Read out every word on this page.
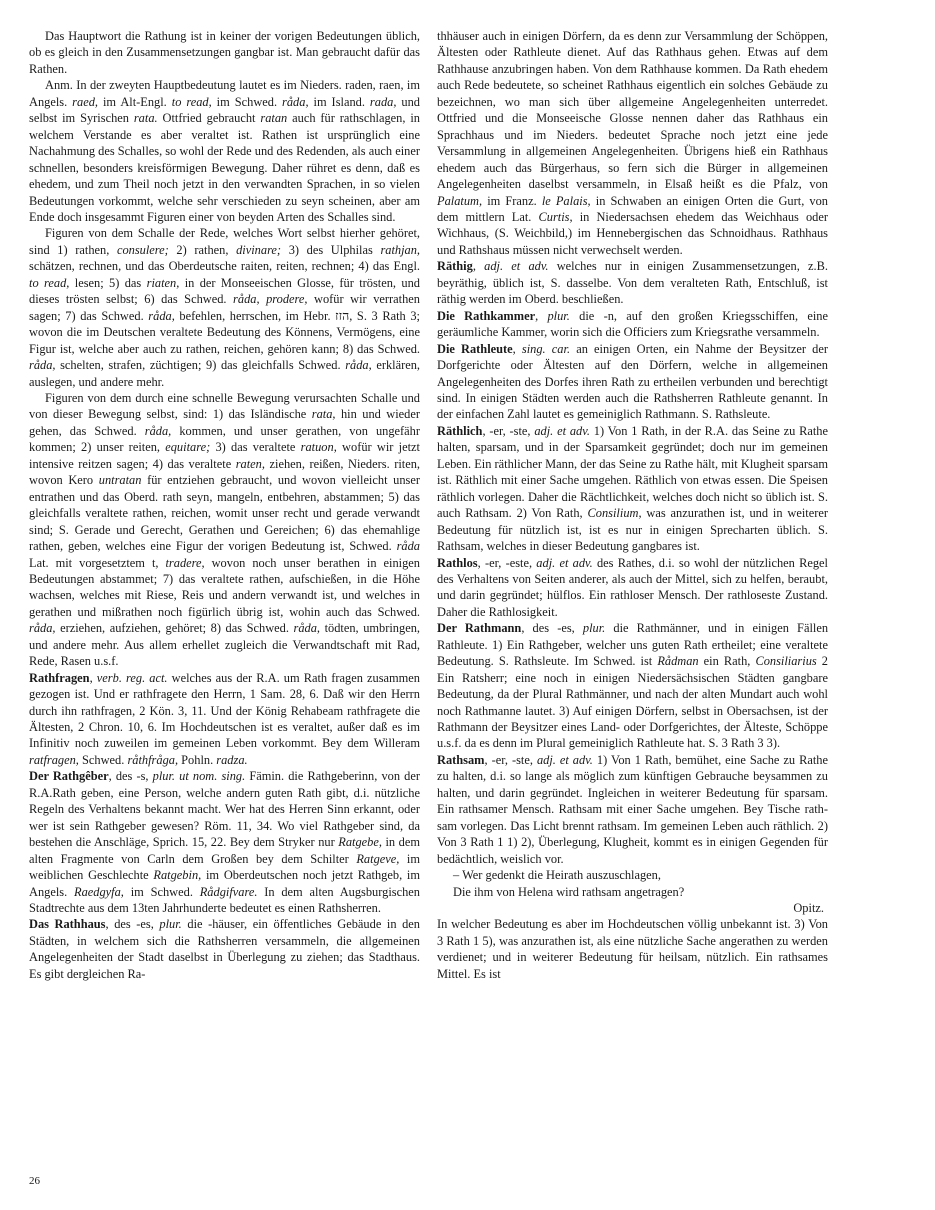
Das Hauptwort die Rathung ist in keiner der vorigen Bedeutungen üblich, ob es gleich in den Zusammensetzungen gangbar ist. Man gebraucht dafür das Rathen.

Anm. In der zweyten Hauptbedeutung lautet es im Nieders. raden, raen, im Angels. raed, im Alt-Engl. to read, im Schwed. råda, im Island. rada, und selbst im Syrischen rata. Ottfried gebraucht ratan auch für rathschlagen, in welchem Verstande es aber veraltet ist. Rathen ist ursprünglich eine Nachahmung des Schalles, so wohl der Rede und des Redenden, als auch einer schnellen, besonders kreisförmigen Bewegung. Daher rühret es denn, daß es ehedem, und zum Theil noch jetzt in den verwandten Sprachen, in so vielen Bedeutungen vorkommt, welche sehr verschieden zu seyn scheinen, aber am Ende doch insgesammt Figuren einer von beyden Arten des Schalles sind.

Figuren von dem Schalle der Rede, welches Wort selbst hierher gehöret, sind 1) rathen, consulere; 2) rathen, divinare; 3) des Ulphilas rathjan, schätzen, rechnen, und das Oberdeutsche raiten, reiten, rechnen; 4) das Engl. to read, lesen; 5) das riaten, in der Monseeischen Glosse, für trösten, und dieses trösten selbst; 6) das Schwed. råda, prodere, wofür wir verrathen sagen; 7) das Schwed. råda, befehlen, herrschen, im Hebr. הזז, S. 3 Rath 3; wovon die im Deutschen veraltete Bedeutung des Könnens, Vermögens, eine Figur ist, welche aber auch zu rathen, reichen, gehören kann; 8) das Schwed. råda, schelten, strafen, züchtigen; 9) das gleichfalls Schwed. råda, erklären, auslegen, und andere mehr.

Figuren von dem durch eine schnelle Bewegung verursachten Schalle und von dieser Bewegung selbst, sind: 1) das Isländische rata, hin und wieder gehen, das Schwed. råda, kommen, und unser gerathen, von ungefähr kommen; 2) unser reiten, equitare; 3) das veraltete ratuon, wofür wir jetzt intensive reitzen sagen; 4) das veraltete raten, ziehen, reißen, Nieders. riten, wovon Kero untratan für entziehen gebraucht, und wovon vielleicht unser entrathen und das Oberd. rath seyn, mangeln, entbehren, abstammen; 5) das gleichfalls veraltete rathen, reichen, womit unser recht und gerade verwandt sind; S. Gerade und Gerecht, Gerathen und Gereichen; 6) das ehemahlige rathen, geben, welches eine Figur der vorigen Bedeutung ist, Schwed. råda Lat. mit vorgesetztem t, tradere, wovon noch unser berathen in einigen Bedeutungen abstammet; 7) das veraltete rathen, aufschießen, in die Höhe wachsen, welches mit Riese, Reis und andern verwandt ist, und welches in gerathen und mißrathen noch figürlich übrig ist, wohin auch das Schwed. råda, erziehen, aufziehen, gehöret; 8) das Schwed. råda, tödten, umbringen, und andere mehr. Aus allem erhellet zugleich die Verwandtschaft mit Rad, Rede, Rasen u.s.f.

Rathfragen, verb. reg. act. welches aus der R.A. um Rath fragen zusammen gezogen ist. Und er rathfragete den Herrn, 1 Sam. 28, 6. Daß wir den Herrn durch ihn rathfragen, 2 Kön. 3, 11. Und der König Rehabeam rathfragete die Ältesten, 2 Chron. 10, 6. Im Hochdeutschen ist es veraltet, außer daß es im Infinitiv noch zuweilen im gemeinen Leben vorkommt. Bey dem Willeram ratfragen, Schwed. råthfråga, Pohln. radza.

Der Rathgêber, des -s, plur. ut nom. sing. Fämin. die Rathgeberinn, von der R.A.Rath geben, eine Person, welche andern guten Rath gibt, d.i. nützliche Regeln des Verhaltens bekannt macht. Wer hat des Herren Sinn erkannt, oder wer ist sein Rathgeber gewesen? Röm. 11, 34. Wo viel Rathgeber sind, da bestehen die Anschläge, Sprich. 15, 22. Bey dem Stryker nur Ratgebe, in dem alten Fragmente von Carln dem Großen bey dem Schilter Ratgeve, im weiblichen Geschlechte Ratgebin, im Oberdeutschen noch jetzt Rathgeb, im Angels. Raedgyfa, im Schwed. Rådgifvare. In dem alten Augsburgischen Stadtrechte aus dem 13ten Jahrhunderte bedeutet es einen Rathsherren.

Das Rathhaus, des -es, plur. die -häuser, ein öffentliches Gebäude in den Städten, in welchem sich die Rathsherren versammeln, die allgemeinen Angelegenheiten der Stadt daselbst in Überlegung zu ziehen; das Stadthaus. Es gibt dergleichen Ra-

thhäuser auch in einigen Dörfern, da es denn zur Versammlung der Schöppen, Ältesten oder Rathleute dienet. Auf das Rathhaus gehen. Etwas auf dem Rathhause anzubringen haben. Von dem Rathhause kommen. Da Rath ehedem auch Rede bedeutete, so scheinet Rathhaus eigentlich ein solches Gebäude zu bezeichnen, wo man sich über allgemeine Angelegenheiten unterredet. Ottfried und die Monseeische Glosse nennen daher das Rathhaus ein Sprachhaus und im Nieders. bedeutet Sprache noch jetzt eine jede Versammlung in allgemeinen Angelegenheiten. Übrigens hieß ein Rathhaus ehedem auch das Bürgerhaus, so fern sich die Bürger in allgemeinen Angelegenheiten daselbst versammeln, in Elsaß heißt es die Pfalz, von Palatum, im Franz. le Palais, in Schwaben an einigen Orten die Gurt, von dem mittlern Lat. Curtis, in Niedersachsen ehedem das Weichhaus oder Wichhaus, (S. Weichbild,) im Hennebergischen das Schnoidhaus. Rathhaus und Rathshaus müssen nicht verwechselt werden.

Räthig, adj. et adv. welches nur in einigen Zusammensetzungen, z.B. beyräthig, üblich ist, S. dasselbe. Von dem veralteten Rath, Entschluß, ist räthig werden im Oberd. beschließen.

Die Rathkammer, plur. die -n, auf den großen Kriegsschiffen, eine geräumliche Kammer, worin sich die Officiers zum Kriegsrathe versammeln.

Die Rathleute, sing. car. an einigen Orten, ein Nahme der Beysitzer der Dorfgerichte oder Ältesten auf den Dörfern, welche in allgemeinen Angelegenheiten des Dorfes ihren Rath zu ertheilen verbunden und berechtigt sind. In einigen Städten werden auch die Rathsherren Rathleute genannt. In der einfachen Zahl lautet es gemeiniglich Rathmann. S. Rathsleute.

Räthlich, -er, -ste, adj. et adv. 1) Von 1 Rath, in der R.A. das Seine zu Rathe halten, sparsam, und in der Sparsamkeit gegründet; doch nur im gemeinen Leben. Ein räthlicher Mann, der das Seine zu Rathe hält, mit Klugheit sparsam ist. Räthlich mit einer Sache umgehen. Räthlich von etwas essen. Die Speisen räthlich vorlegen. Daher die Rächtlichkeit, welches doch nicht so üblich ist. S. auch Rathsam. 2) Von Rath, Consilium, was anzurathen ist, und in weiterer Bedeutung für nützlich ist, ist es nur in einigen Sprecharten üblich. S. Rathsam, welches in dieser Bedeutung gangbares ist.

Rathlos, -er, -este, adj. et adv. des Rathes, d.i. so wohl der nützlichen Regel des Verhaltens von Seiten anderer, als auch der Mittel, sich zu helfen, beraubt, und darin gegründet; hülflos. Ein rathloser Mensch. Der rathloseste Zustand. Daher die Rathlosigkeit.

Der Rathmann, des -es, plur. die Rathmänner, und in einigen Fällen Rathleute. 1) Ein Rathgeber, welcher uns guten Rath ertheilet; eine veraltete Bedeutung. S. Rathsleute. Im Schwed. ist Rådman ein Rath, Consiliarius 2 Ein Ratsherr; eine noch in einigen Niedersächsischen Städten gangbare Bedeutung, da der Plural Rathmänner, und nach der alten Mundart auch wohl noch Rathmanne lautet. 3) Auf einigen Dörfern, selbst in Obersachsen, ist der Rathmann der Beysitzer eines Land- oder Dorfgerichtes, der Älteste, Schöppe u.s.f. da es denn im Plural gemeiniglich Rathleute hat. S. 3 Rath 3 3).

Rathsam, -er, -ste, adj. et adv. 1) Von 1 Rath, bemühet, eine Sache zu Rathe zu halten, d.i. so lange als möglich zum künftigen Gebrauche beysammen zu halten, und darin gegründet. Ingleichen in weiterer Bedeutung für sparsam. Ein rathsamer Mensch. Rathsam mit einer Sache umgehen. Bey Tische rathsam vorlegen. Das Licht brennt rathsam. Im gemeinen Leben auch räthlich. 2) Von 3 Rath 1 1) 2), Überlegung, Klugheit, kommt es in einigen Gegenden für bedächtlich, weislich vor.

– Wer gedenkt die Heirath auszuschlagen,

Die ihm von Helena wird rathsam angetragen?

Opitz.

In welcher Bedeutung es aber im Hochdeutschen völlig unbekannt ist. 3) Von 3 Rath 1 5), was anzurathen ist, als eine nützliche Sache angerathen zu werden verdienet; und in weiterer Bedeutung für heilsam, nützlich. Ein rathsames Mittel. Es ist

26
